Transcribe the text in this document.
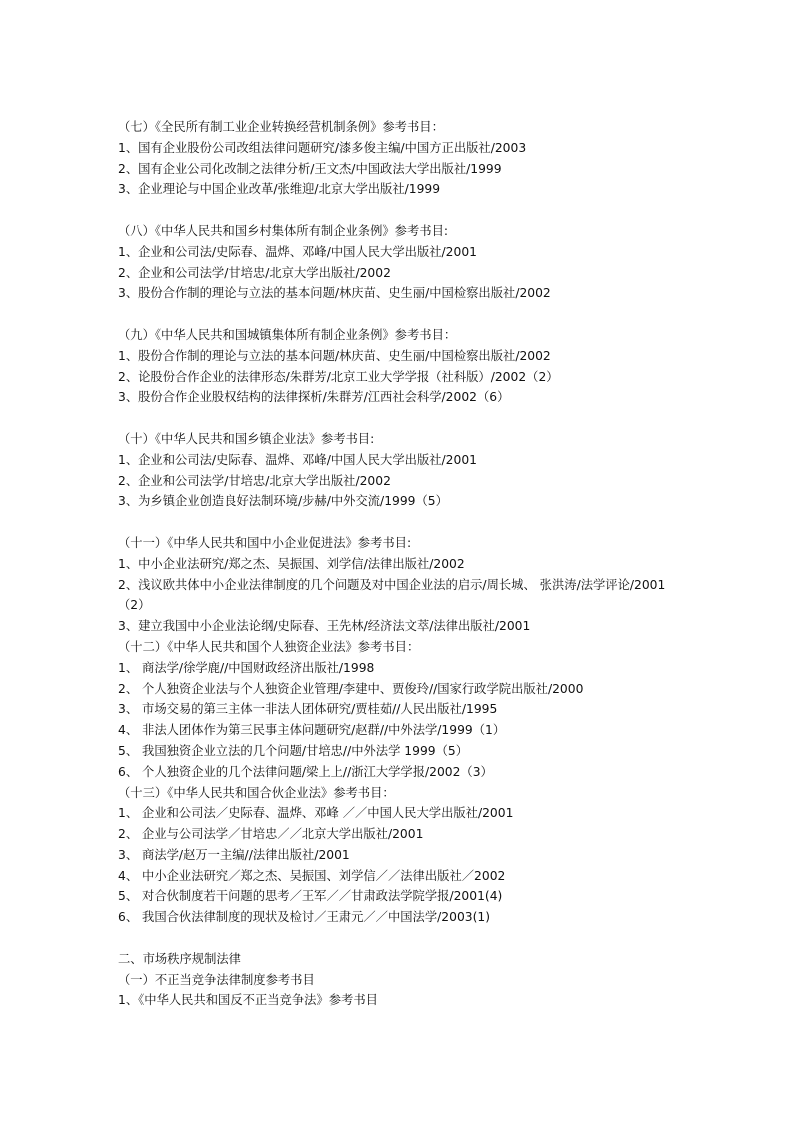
（七）《全民所有制工业企业转换经营机制条例》参考书目：
1、国有企业股份公司改组法律问题研究/漆多俊主编/中国方正出版社/2003
2、国有企业公司化改制之法律分析/王文杰/中国政法大学出版社/1999
3、企业理论与中国企业改革/张维迎/北京大学出版社/1999
（八）《中华人民共和国乡村集体所有制企业条例》参考书目:
1、企业和公司法/史际春、温烨、邓峰/中国人民大学出版社/2001
2、企业和公司法学/甘培忠/北京大学出版社/2002
3、股份合作制的理论与立法的基本问题/林庆苗、史生丽/中国检察出版社/2002
（九）《中华人民共和国城镇集体所有制企业条例》参考书目：
1、股份合作制的理论与立法的基本问题/林庆苗、史生丽/中国检察出版社/2002
2、论股份合作企业的法律形态/朱群芳/北京工业大学学报（社科版）/2002（2）
3、股份合作企业股权结构的法律探析/朱群芳/江西社会科学/2002（6）
（十）《中华人民共和国乡镇企业法》参考书目:
1、企业和公司法/史际春、温烨、邓峰/中国人民大学出版社/2001
2、企业和公司法学/甘培忠/北京大学出版社/2002
3、为乡镇企业创造良好法制环境/步赫/中外交流/1999（5）
（十一）《中华人民共和国中小企业促进法》参考书目:
1、中小企业法研究/郑之杰、吴振国、刘学信/法律出版社/2002
2、浅议欧共体中小企业法律制度的几个问题及对中国企业法的启示/周长城、 张洪涛/法学评论/2001（2）
3、建立我国中小企业法论纲/史际春、王先林/经济法文萃/法律出版社/2001
（十二）《中华人民共和国个人独资企业法》参考书目：
1、 商法学/徐学鹿//中国财政经济出版社/1998
2、 个人独资企业法与个人独资企业管理/李建中、贾俊玲//国家行政学院出版社/2000
3、 市场交易的第三主体一非法人团体研究/贾桂茹//人民出版社/1995
4、 非法人团体作为第三民事主体问题研究/赵群//中外法学/1999（1）
5、 我国独资企业立法的几个问题/甘培忠//中外法学 1999（5）
6、 个人独资企业的几个法律问题/梁上上//浙江大学学报/2002（3）
（十三）《中华人民共和国合伙企业法》参考书目：
1、 企业和公司法／史际春、温烨、邓峰 ／／中国人民大学出版社/2001
2、 企业与公司法学／甘培忠／／北京大学出版社/2001
3、 商法学/赵万一主编//法律出版社/2001
4、 中小企业法研究／郑之杰、吴振国、刘学信／／法律出版社／2002
5、 对合伙制度若干问题的思考／王军／／甘肃政法学院学报/2001(4)
6、 我国合伙法律制度的现状及检讨／王肃元／／中国法学/2003(1)
二、市场秩序规制法律
（一）不正当竞争法律制度参考书目
1、《中华人民共和国反不正当竞争法》参考书目
